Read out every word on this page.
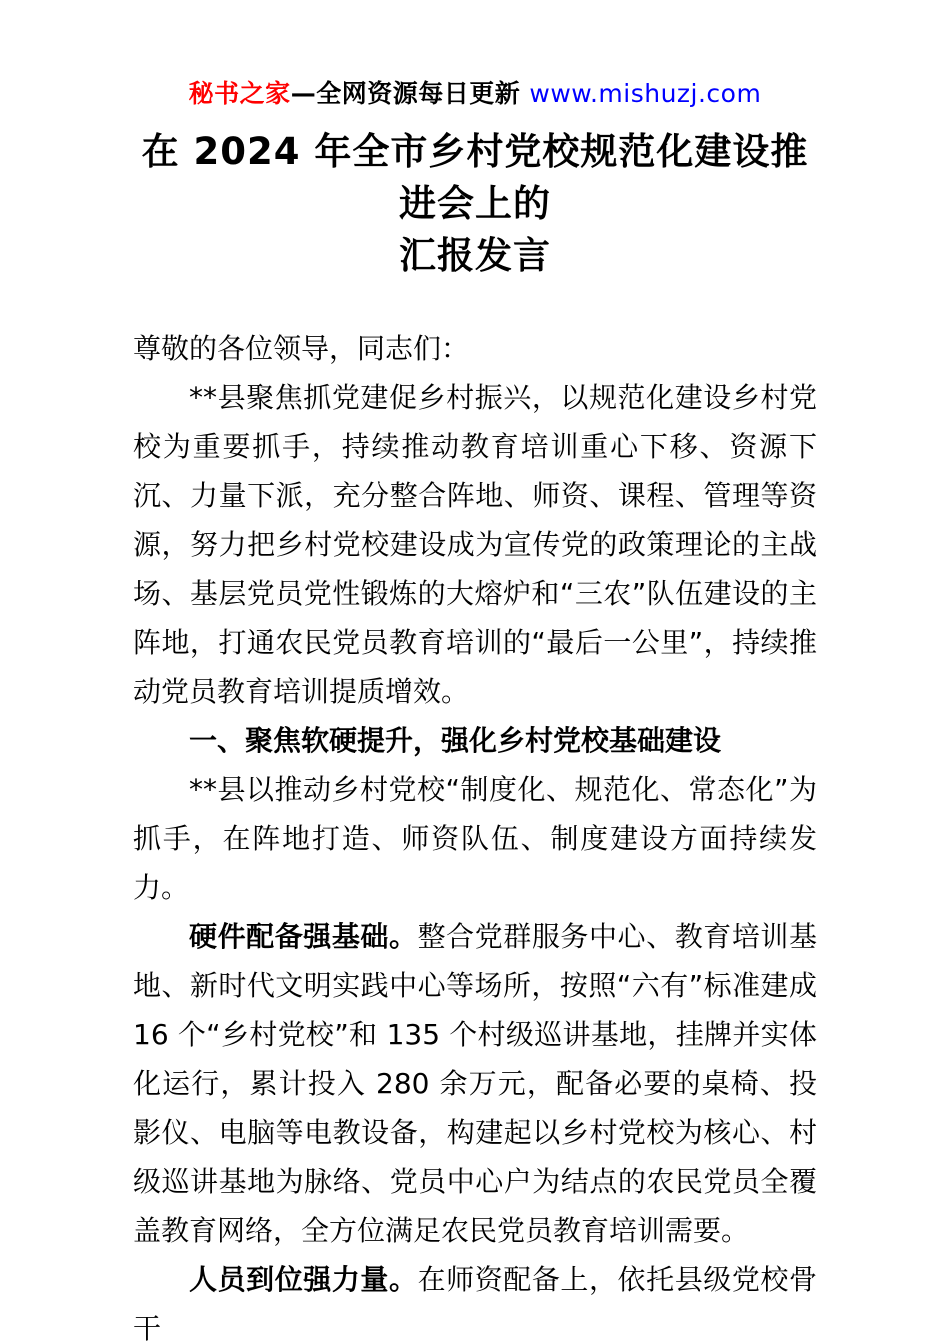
秘书之家—全网资源每日更新 www.mishuzj.com
在 2024 年全市乡村党校规范化建设推进会上的
汇报发言

尊敬的各位领导，同志们：

**县聚焦抓党建促乡村振兴，以规范化建设乡村党校为重要抓手，持续推动教育培训重心下移、资源下沉、力量下派，充分整合阵地、师资、课程、管理等资源，努力把乡村党校建设成为宣传党的政策理论的主战场、基层党员党性锻炼的大熔炉和“三农”队伍建设的主阵地，打通农民党员教育培训的“最后一公里”，持续推动党员教育培训提质增效。

一、聚焦软硬提升，强化乡村党校基础建设

**县以推动乡村党校“制度化、规范化、常态化”为抓手，在阵地打造、师资队伍、制度建设方面持续发力。

硬件配备强基础。整合党群服务中心、教育培训基地、新时代文明实践中心等场所，按照“六有”标准建成 16 个“乡村党校”和 135 个村级巡讲基地，挂牌并实体化运行，累计投入 280 余万元，配备必要的桌椅、投影仪、电脑等电教设备，构建起以乡村党校为核心、村级巡讲基地为脉络、党员中心户为结点的农民党员全覆盖教育网络，全方位满足农民党员教育培训需要。

人员到位强力量。在师资配备上，依托县级党校骨干
